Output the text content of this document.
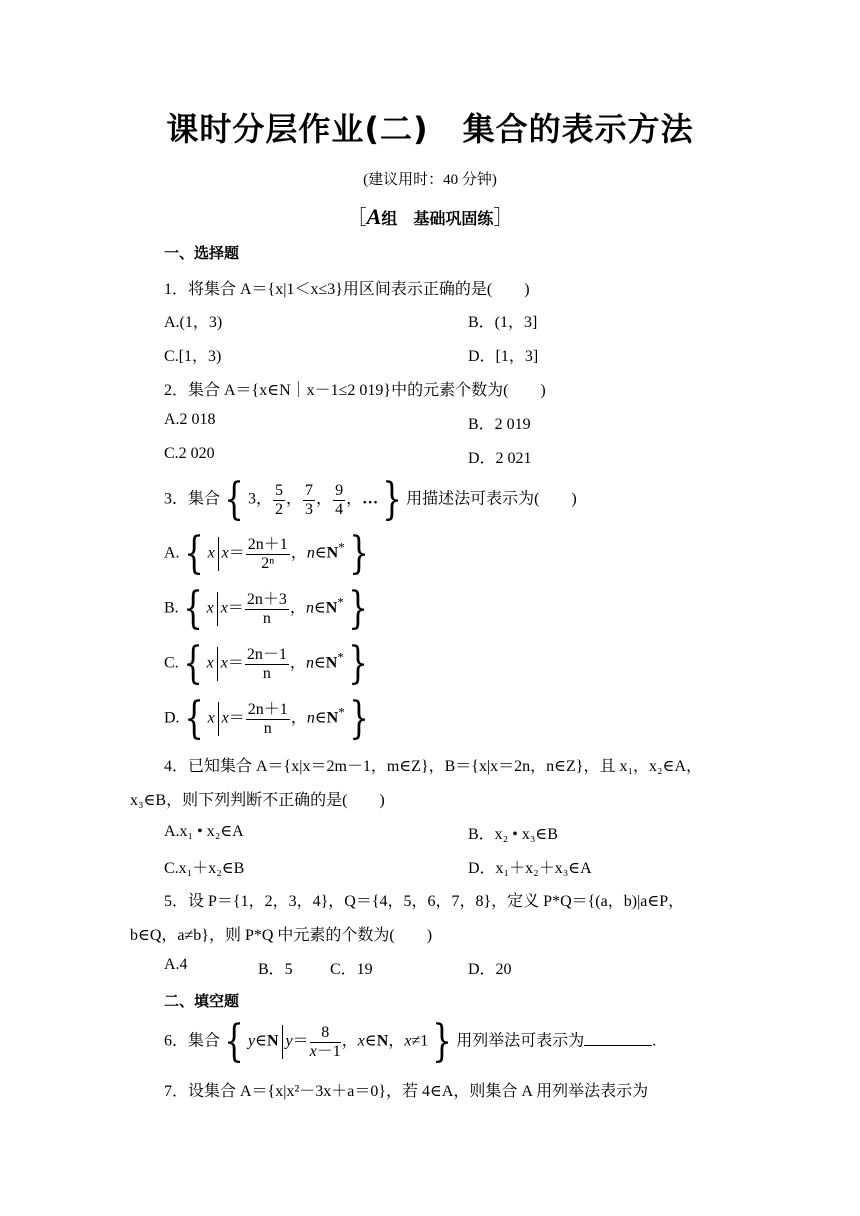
课时分层作业(二) 集合的表示方法
(建议用时：40 分钟)
［A组　基础巩固练］
一、选择题
1．将集合 A＝{x|1＜x≤3}用区间表示正确的是(　　)
A.(1，3)	B．(1，3]
C.[1，3)	D．[1，3]
2．集合 A＝{x∈N｜x－1≤2 019}中的元素个数为(　　)
A.2 018	B．2 019
C.2 020	D．2 021
3．集合{ 3， $\frac{5}{2}$ ， $\frac{7}{3}$ ， $\frac{9}{4}$ ，…} 用描述法可表示为(　　)
A.{ x $x= \frac{2n+1}{\text{2ⁿ}}$ ，n∈N*}
B.{ x $x= \frac{2n+3}{n}$ ，n∈N*}
C.{ x $x= \frac{2n-1}{n}$ ，n∈N*}
D.{ x $x= \frac{2n+1}{n}$ ，n∈N*}
4．已知集合 A＝{x|x＝2m－1，m∈Z}，B＝{x|x＝2n，n∈Z}，且 x₁，x₂∈A，
x₃∈B，则下列判断不正确的是(　　)
A.x₁ • x₂∈A	B．x₂ • x₃∈B
C.x₁＋x₂∈B	D．x₁＋x₂＋x₃∈A
5．设 P＝{1，2，3，4}，Q＝{4，5，6，7，8}，定义 P*Q＝{(a，b)|a∈P，
b∈Q，a≠b}，则 P*Q 中元素的个数为(　　)
A.4	B．5 C．19	D．20
二、填空题
6．集合{ y∈N $y= \frac{8}{x-1}$ ，x∈N，x≠1} 用列举法可表示为	.
7．设集合 A＝{x|x²－3x＋a＝0}，若 4∈A，则集合 A 用列举法表示为
